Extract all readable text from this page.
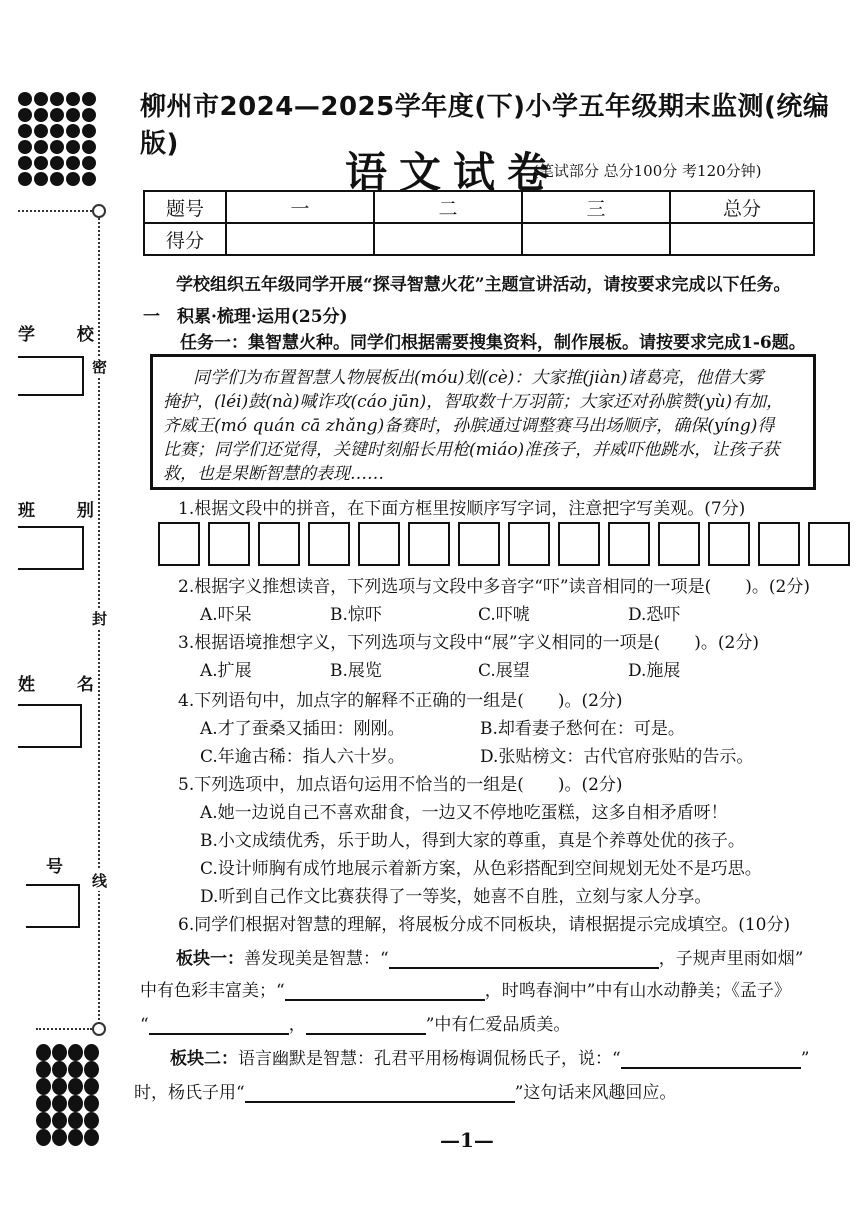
学 校
班 别
姓 名
号
密
封
线
柳州市2024—2025学年度(下)小学五年级期末监测(统编版)
语文试卷
(笔试部分 总分100分 考120分钟)
题号	一	二	三	总分
得分				
学校组织五年级同学开展“探寻智慧火花”主题宣讲活动，请按要求完成以下任务。
一　积累·梳理·运用(25分)
任务一：集智慧火种。同学们根据需要搜集资料，制作展板。请按要求完成1-6题。
同学们为布置智慧人物展板出(móu)划(cè)：大家推(jiàn)诸葛亮，他借大雾
掩护，(léi)鼓(nà)喊诈攻(cáo jūn)，智取数十万羽箭；大家还对孙膑赞(yù)有加，
齐威王(mó quán cā zhǎng)备赛时，孙膑通过调整赛马出场顺序，确保(yíng)得
比赛；同学们还觉得，关键时刻船长用枪(miáo)准孩子，并威吓他跳水，让孩子获
救，也是果断智慧的表现……
1.根据文段中的拼音，在下面方框里按顺序写字词，注意把字写美观。(7分)
2.根据字义推想读音，下列选项与文段中多音字“吓”读音相同的一项是(　　)。(2分)
A.吓呆	B.惊吓	C.吓唬	D.恐吓
3.根据语境推想字义，下列选项与文段中“展”字义相同的一项是(　　)。(2分)
A.扩展	B.展览	C.展望	D.施展
4.下列语句中，加点字的解释不正确的一组是(　　)。(2分)
A.才了蚕桑又插田：刚刚。	B.却看妻子愁何在：可是。
C.年逾古稀：指人六十岁。	D.张贴榜文：古代官府张贴的告示。
5.下列选项中，加点语句运用不恰当的一组是(　　)。(2分)
A.她一边说自己不喜欢甜食，一边又不停地吃蛋糕，这多自相矛盾呀！
B.小文成绩优秀，乐于助人，得到大家的尊重，真是个养尊处优的孩子。
C.设计师胸有成竹地展示着新方案，从色彩搭配到空间规划无处不是巧思。
D.听到自己作文比赛获得了一等奖，她喜不自胜，立刻与家人分享。
6.同学们根据对智慧的理解，将展板分成不同板块，请根据提示完成填空。(10分)
板块一：善发现美是智慧：“	，子规声里雨如烟”
中有色彩丰富美；“	，时鸣春涧中”中有山水动静美；《孟子》
“	，	”中有仁爱品质美。
板块二：语言幽默是智慧：孔君平用杨梅调侃杨氏子，说：“	”
时，杨氏子用“	”这句话来风趣回应。
—1—
